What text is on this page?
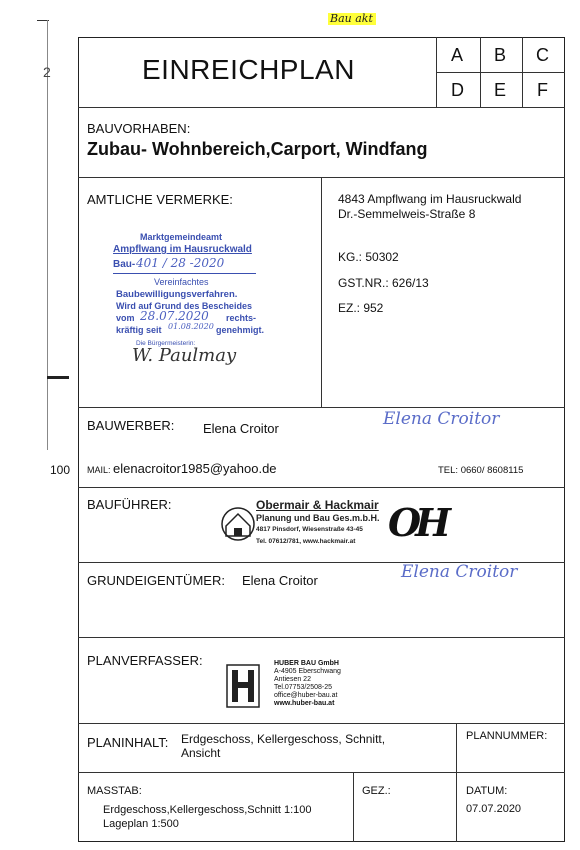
2
100
Bau akt
EINREICHPLAN	A B C
D E F
BAUVORHABEN:
Zubau- Wohnbereich,Carport, Windfang
AMTLICHE VERMERKE:
Marktgemeindeamt
Ampflwang im Hausruckwald
Bau- 401 / 28 -2020
Vereinfachtes
Baubewilligungsverfahren.
Wird auf Grund des Bescheides
vom 28.07.2020 rechts-
kräftig seit 01.08.2020 genehmigt.
Die Bürgermeisterin:
W. Paulmay
4843 Ampflwang im Hausruckwald
Dr.-Semmelweis-Straße 8
KG.: 50302
GST.NR.: 626/13
EZ.: 952
BAUWERBER: Elena Croitor	Elena Croitor
MAIL: elenacroitor1985@yahoo.de	TEL: 0660/ 8608115
BAUFÜHRER:	Obermair & Hackmair
Planung und Bau Ges.m.b.H.
4817 Pinsdorf, Wiesenstraße 43-45
Tel. 07612/781, www.hackmair.at OH
GRUNDEIGENTÜMER: Elena Croitor	Elena Croitor
PLANVERFASSER:	HUBER BAU GmbH
A-4905 Eberschwang
Antiesen 22
Tel.07753/2508-25
office@huber-bau.at
www.huber-bau.at
PLANINHALT: Erdgeschoss, Kellergeschoss, Schnitt,
Ansicht
PLANNUMMER:
MASSTAB:
Erdgeschoss,Kellergeschoss,Schnitt 1:100
Lageplan 1:500
GEZ.:	DATUM:
07.07.2020
